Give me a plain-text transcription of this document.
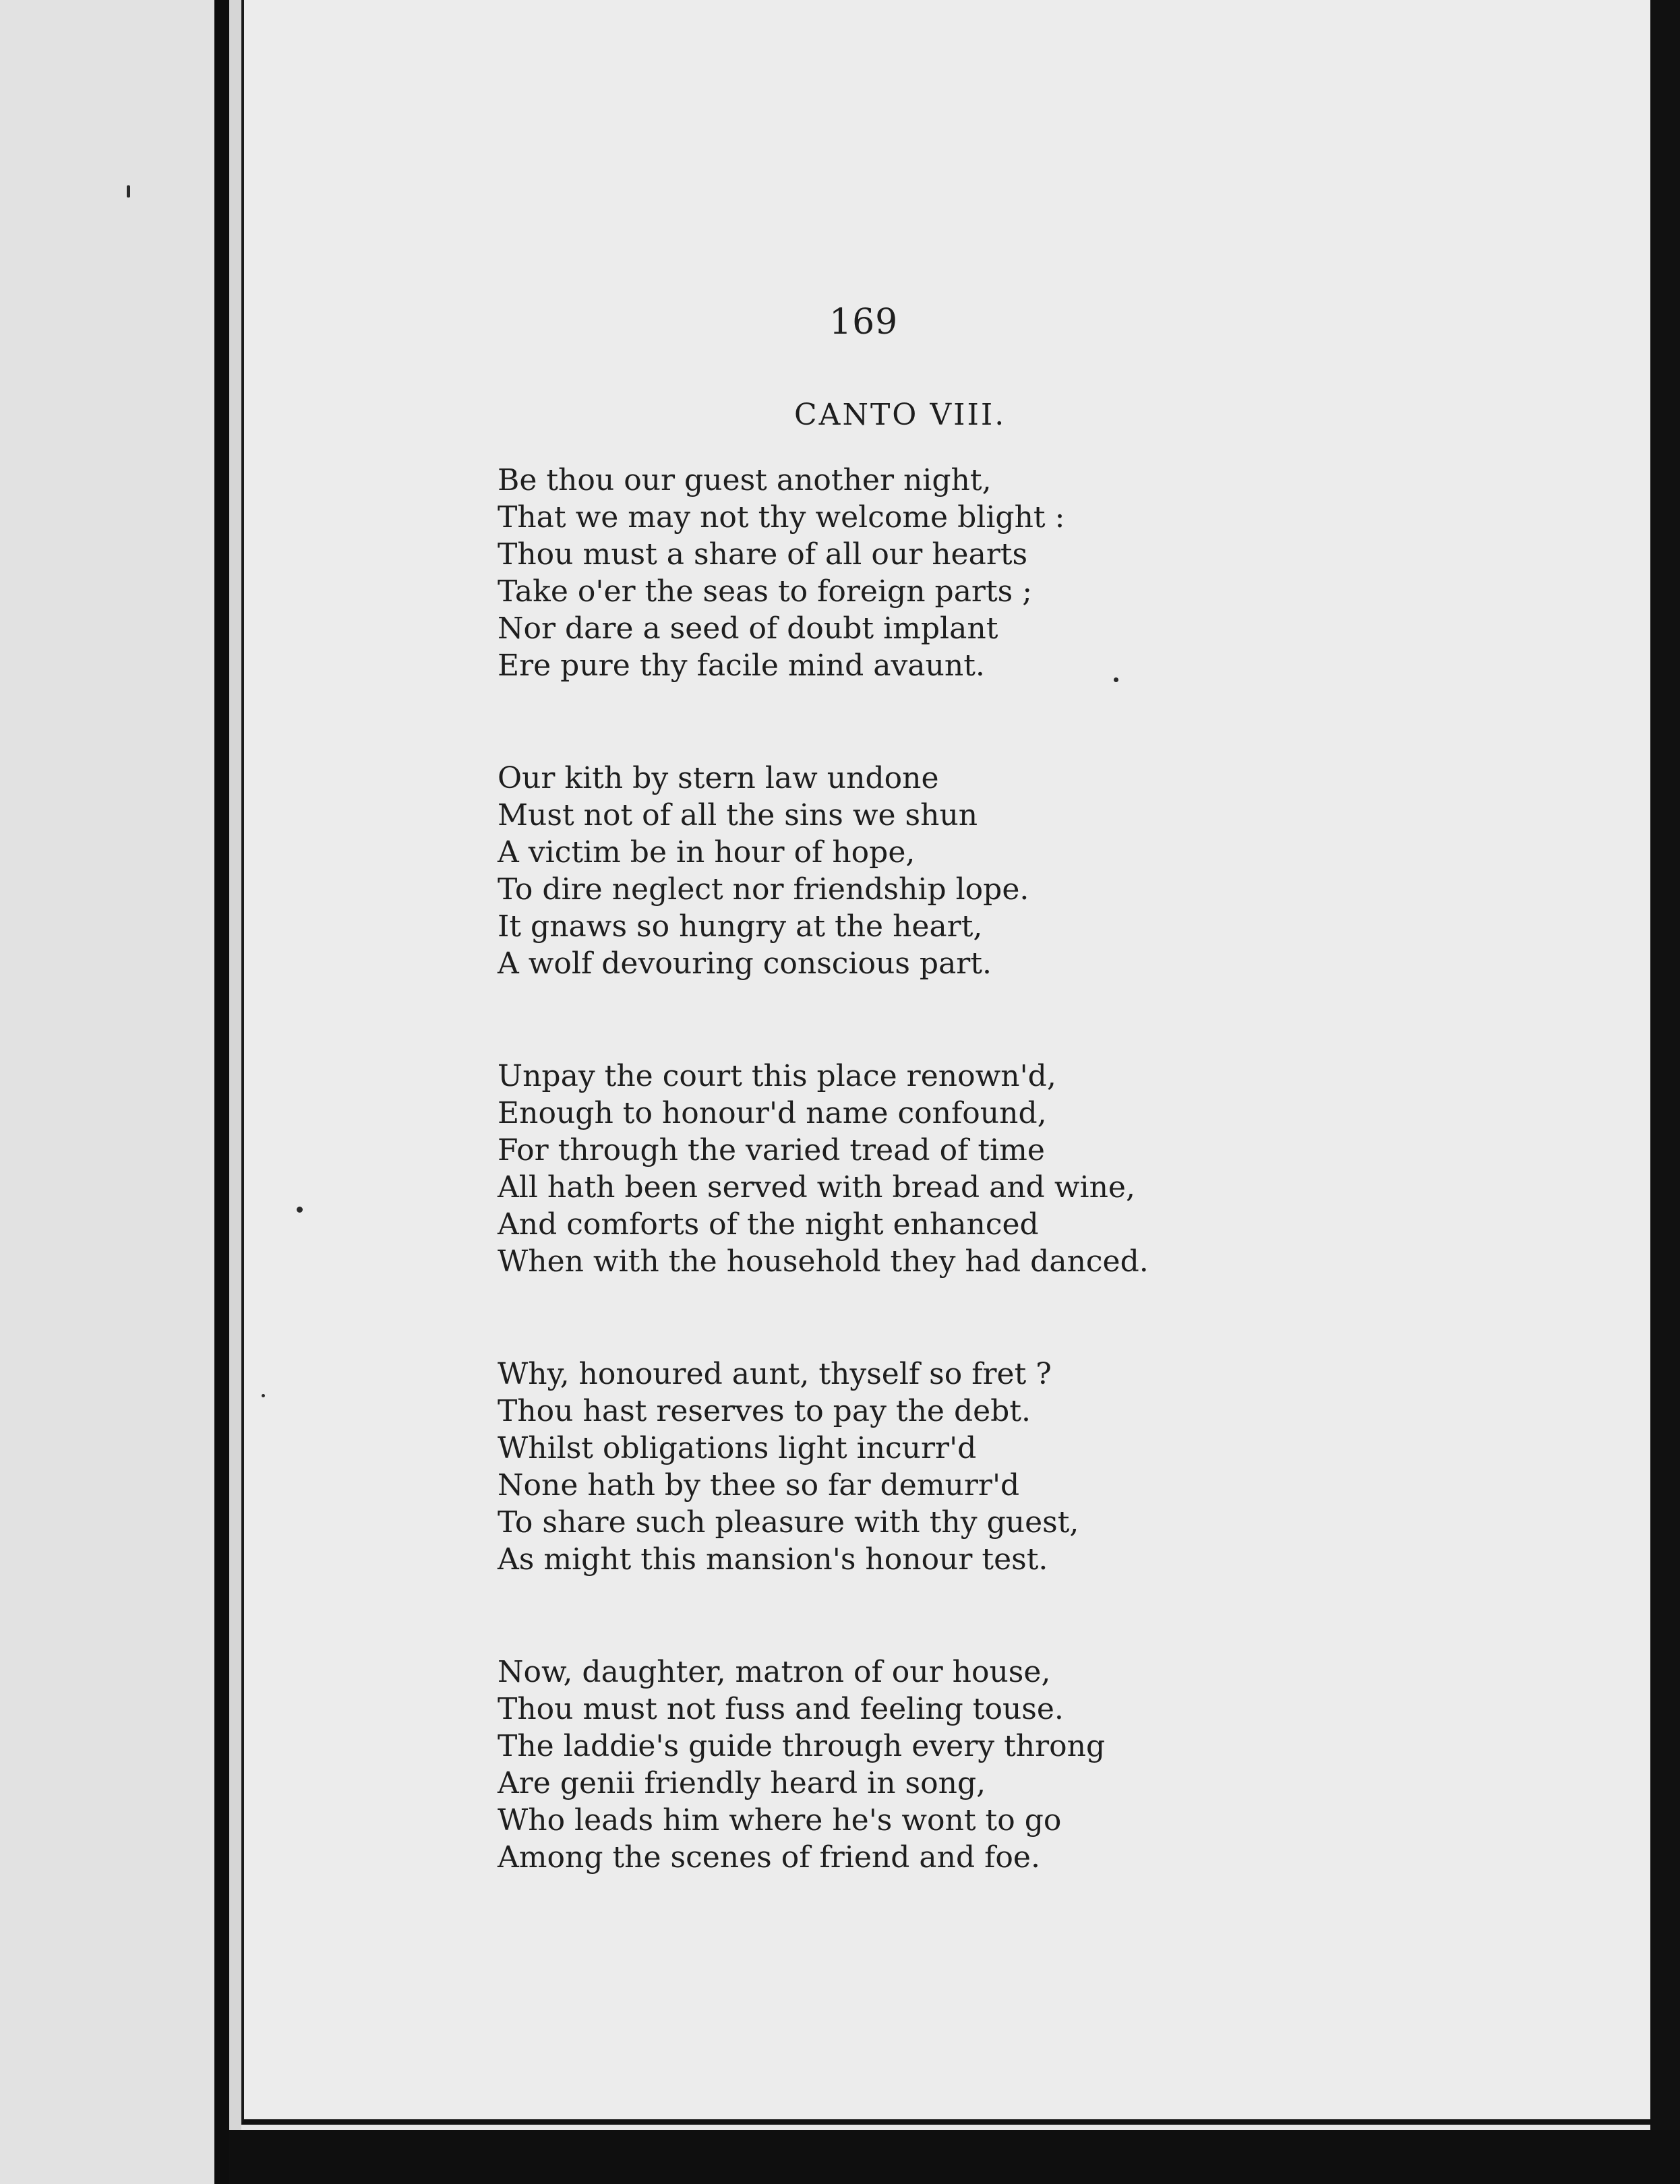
169
CANTO VIII.
Be thou our guest another night,
That we may not thy welcome blight :
Thou must a share of all our hearts
Take o'er the seas to foreign parts ;
Nor dare a seed of doubt implant
Ere pure thy facile mind avaunt.
Our kith by stern law undone
Must not of all the sins we shun
A victim be in hour of hope,
To dire neglect nor friendship lope.
It gnaws so hungry at the heart,
A wolf devouring conscious part.
Unpay the court this place renown'd,
Enough to honour'd name confound,
For through the varied tread of time
All hath been served with bread and wine,
And comforts of the night enhanced
When with the household they had danced.
Why, honoured aunt, thyself so fret ?
Thou hast reserves to pay the debt.
Whilst obligations light incurr'd
None hath by thee so far demurr'd
To share such pleasure with thy guest,
As might this mansion's honour test.
Now, daughter, matron of our house,
Thou must not fuss and feeling touse.
The laddie's guide through every throng
Are genii friendly heard in song,
Who leads him where he's wont to go
Among the scenes of friend and foe.
